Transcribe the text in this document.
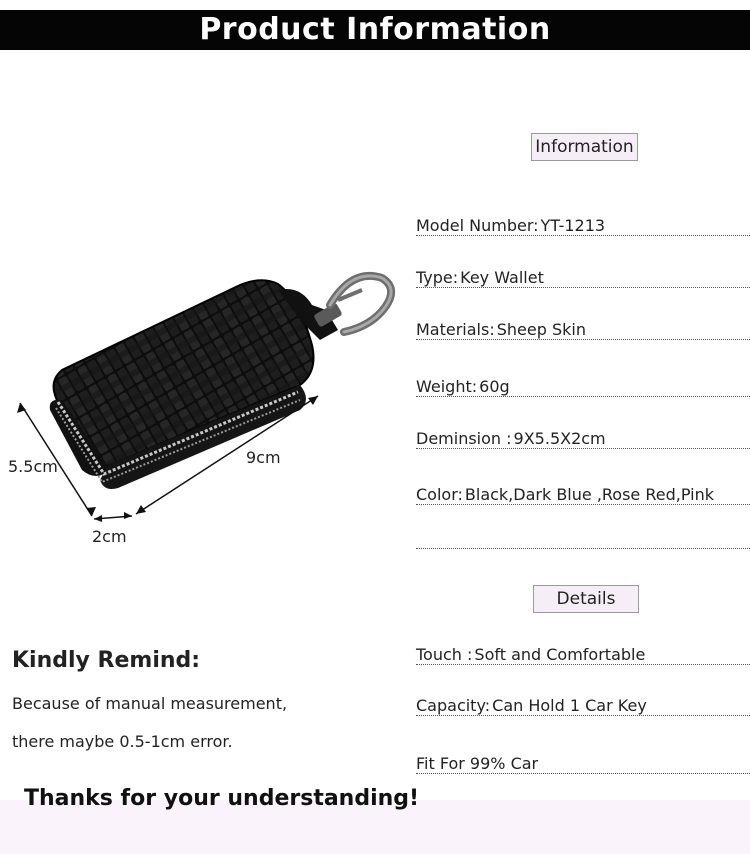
Product Information
5.5cm	9cm
2cm
Information
Model Number: YT-1213
Type: Key Wallet
Materials: Sheep Skin
Weight: 60g
Deminsion : 9X5.5X2cm
Color: Black,Dark Blue ,Rose Red,Pink
Details
Touch : Soft and Comfortable
Capacity: Can Hold 1 Car Key
Fit For 99% Car
Kindly Remind:
Because of manual measurement,
there maybe 0.5-1cm error.
Thanks for your understanding!
